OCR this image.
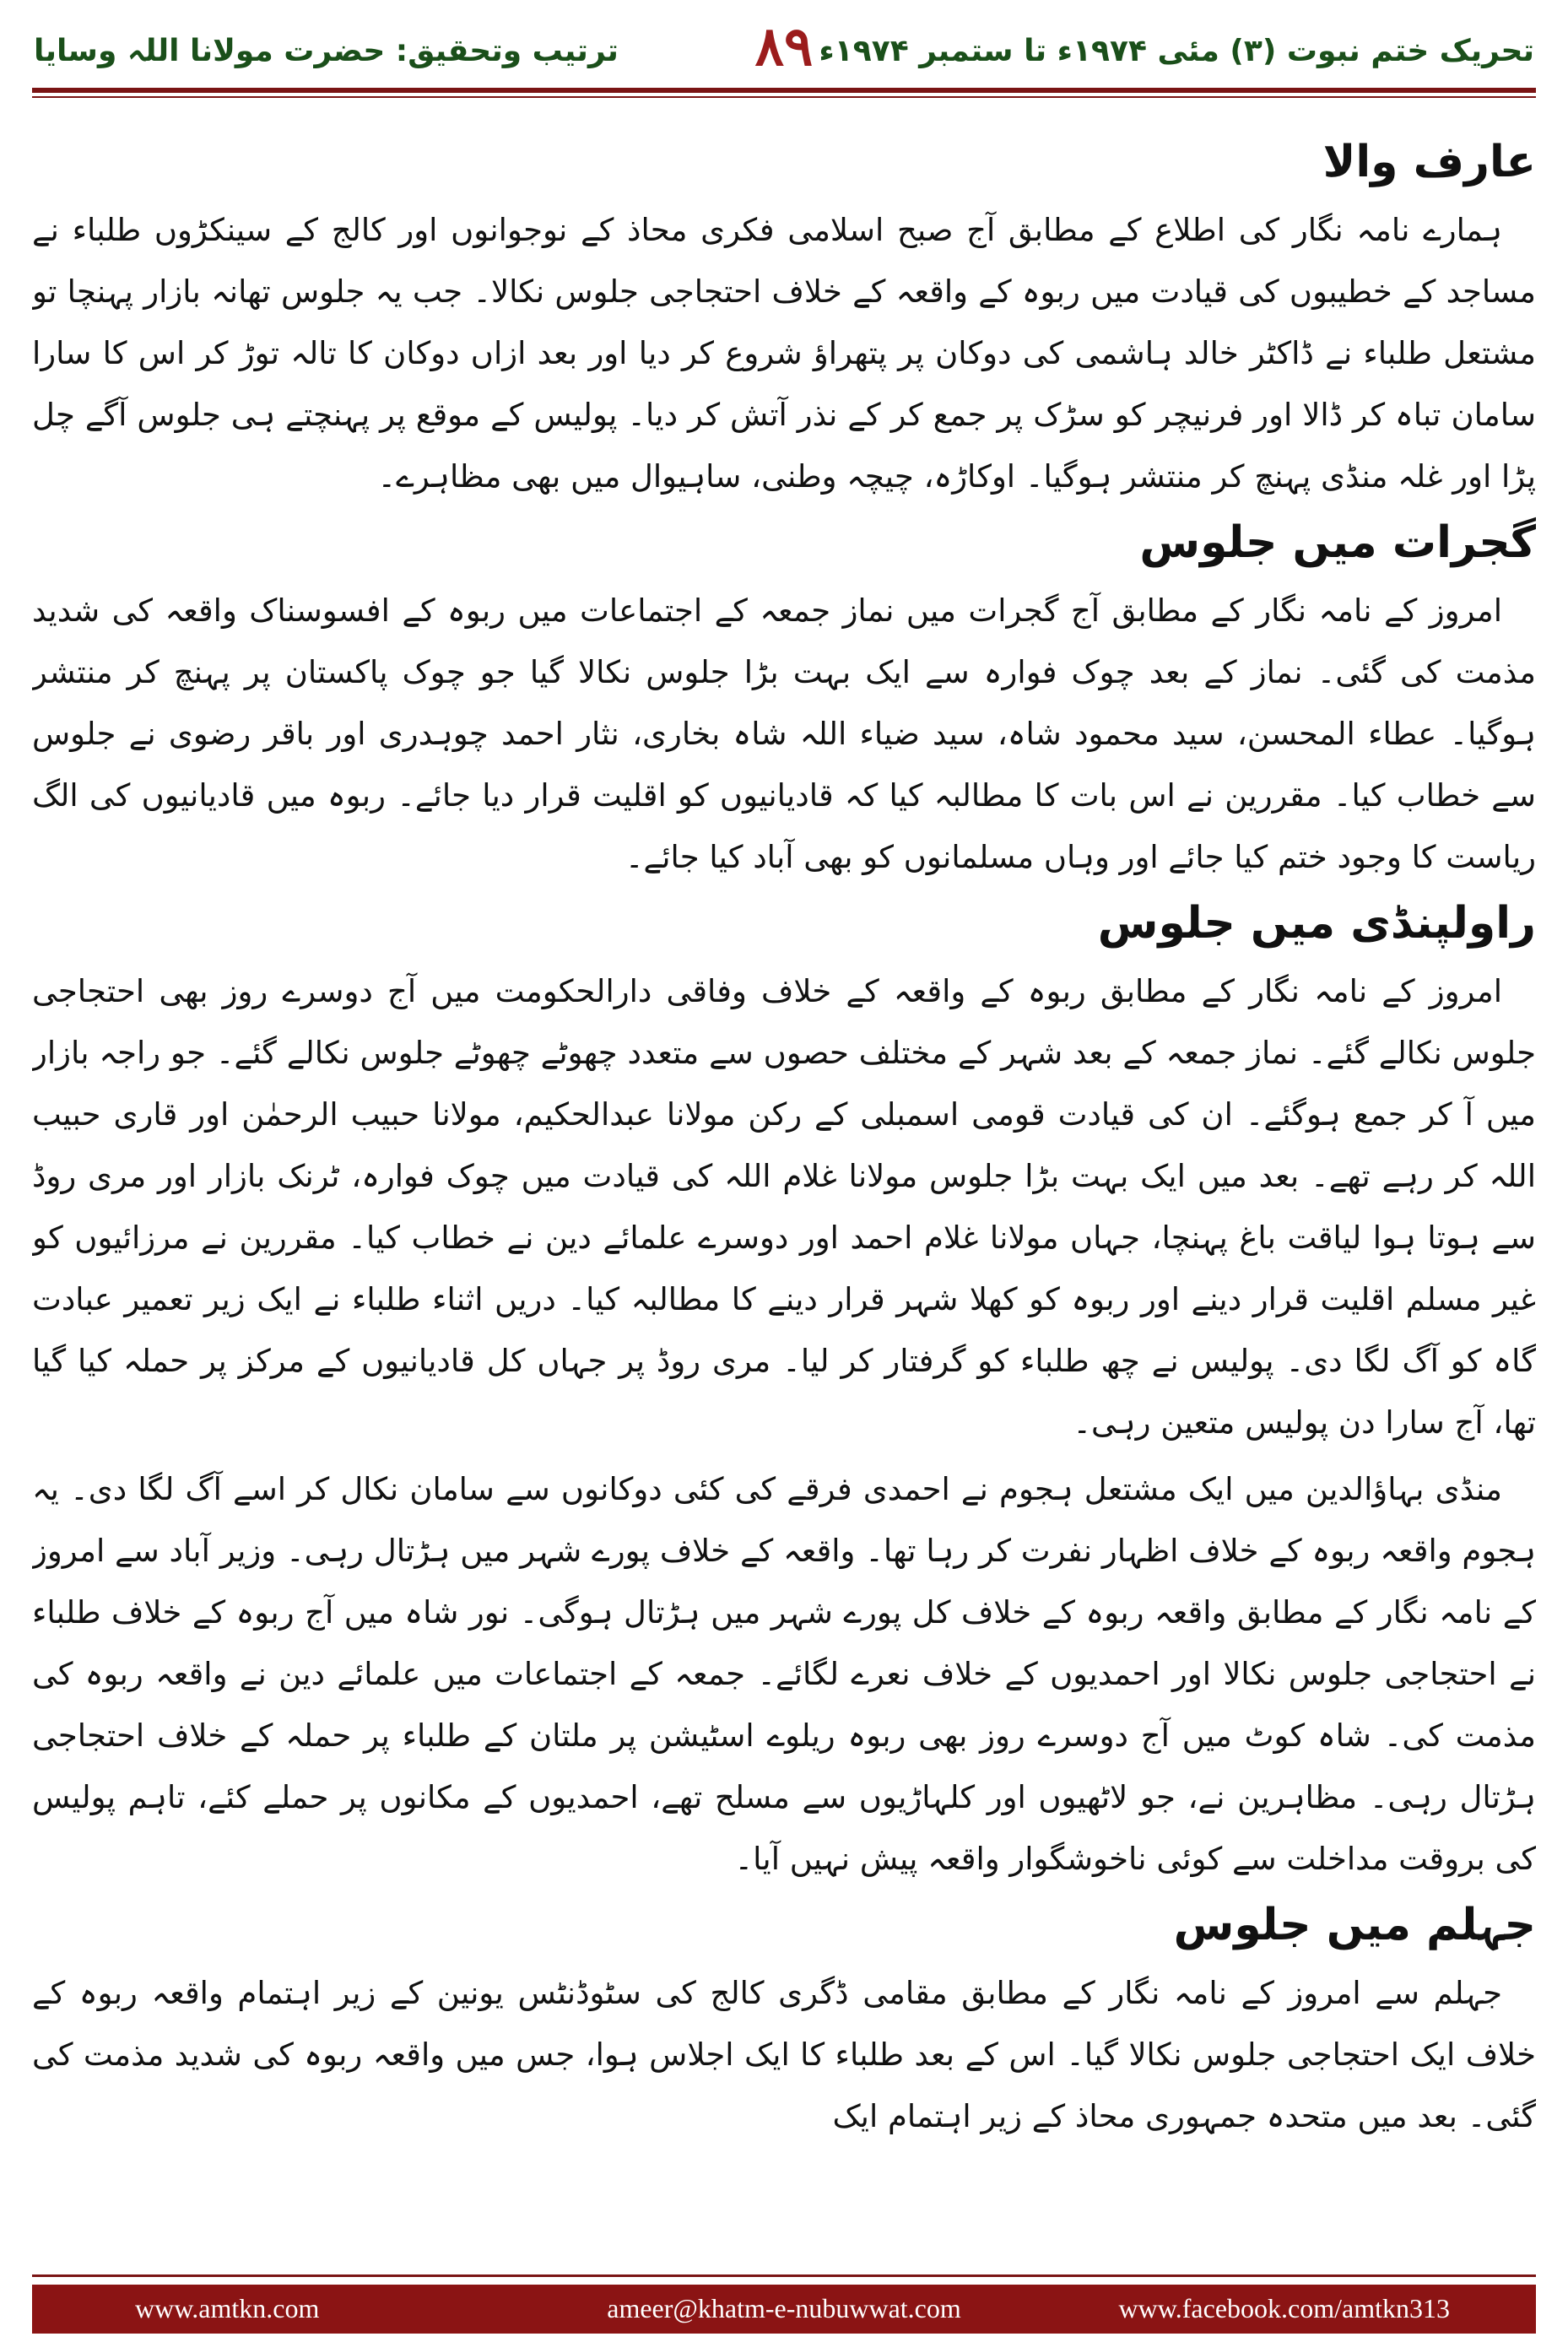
ترتیب وتحقیق: حضرت مولانا اللہ وسایا	۸۹ تحریک ختم نبوت (۳) مئی ۱۹۷۴ء تا ستمبر ۱۹۷۴ء
عارف والا

ہمارے نامہ نگار کی اطلاع کے مطابق آج صبح اسلامی فکری محاذ کے نوجوانوں اور کالج کے سینکڑوں طلباء نے مساجد کے خطیبوں کی قیادت میں ربوہ کے واقعہ کے خلاف احتجاجی جلوس نکالا۔ جب یہ جلوس تھانہ بازار پہنچا تو مشتعل طلباء نے ڈاکٹر خالد ہاشمی کی دوکان پر پتھراؤ شروع کر دیا اور بعد ازاں دوکان کا تالہ توڑ کر اس کا سارا سامان تباہ کر ڈالا اور فرنیچر کو سڑک پر جمع کر کے نذر آتش کر دیا۔ پولیس کے موقع پر پہنچتے ہی جلوس آگے چل پڑا اور غلہ منڈی پہنچ کر منتشر ہوگیا۔ اوکاڑہ، چیچہ وطنی، ساہیوال میں بھی مظاہرے۔

گجرات میں جلوس

امروز کے نامہ نگار کے مطابق آج گجرات میں نماز جمعہ کے اجتماعات میں ربوہ کے افسوسناک واقعہ کی شدید مذمت کی گئی۔ نماز کے بعد چوک فوارہ سے ایک بہت بڑا جلوس نکالا گیا جو چوک پاکستان پر پہنچ کر منتشر ہوگیا۔ عطاء المحسن، سید محمود شاہ، سید ضیاء اللہ شاہ بخاری، نثار احمد چوہدری اور باقر رضوی نے جلوس سے خطاب کیا۔ مقررین نے اس بات کا مطالبہ کیا کہ قادیانیوں کو اقلیت قرار دیا جائے۔ ربوہ میں قادیانیوں کی الگ ریاست کا وجود ختم کیا جائے اور وہاں مسلمانوں کو بھی آباد کیا جائے۔

راولپنڈی میں جلوس

امروز کے نامہ نگار کے مطابق ربوہ کے واقعہ کے خلاف وفاقی دارالحکومت میں آج دوسرے روز بھی احتجاجی جلوس نکالے گئے۔ نماز جمعہ کے بعد شہر کے مختلف حصوں سے متعدد چھوٹے چھوٹے جلوس نکالے گئے۔ جو راجہ بازار میں آ کر جمع ہوگئے۔ ان کی قیادت قومی اسمبلی کے رکن مولانا عبدالحکیم، مولانا حبیب الرحمٰن اور قاری حبیب اللہ کر رہے تھے۔ بعد میں ایک بہت بڑا جلوس مولانا غلام اللہ کی قیادت میں چوک فوارہ، ٹرنک بازار اور مری روڈ سے ہوتا ہوا لیاقت باغ پہنچا، جہاں مولانا غلام احمد اور دوسرے علمائے دین نے خطاب کیا۔ مقررین نے مرزائیوں کو غیر مسلم اقلیت قرار دینے اور ربوہ کو کھلا شہر قرار دینے کا مطالبہ کیا۔ دریں اثناء طلباء نے ایک زیر تعمیر عبادت گاہ کو آگ لگا دی۔ پولیس نے چھ طلباء کو گرفتار کر لیا۔ مری روڈ پر جہاں کل قادیانیوں کے مرکز پر حملہ کیا گیا تھا، آج سارا دن پولیس متعین رہی۔

منڈی بہاؤالدین میں ایک مشتعل ہجوم نے احمدی فرقے کی کئی دوکانوں سے سامان نکال کر اسے آگ لگا دی۔ یہ ہجوم واقعہ ربوہ کے خلاف اظہار نفرت کر رہا تھا۔ واقعہ کے خلاف پورے شہر میں ہڑتال رہی۔ وزیر آباد سے امروز کے نامہ نگار کے مطابق واقعہ ربوہ کے خلاف کل پورے شہر میں ہڑتال ہوگی۔ نور شاہ میں آج ربوہ کے خلاف طلباء نے احتجاجی جلوس نکالا اور احمدیوں کے خلاف نعرے لگائے۔ جمعہ کے اجتماعات میں علمائے دین نے واقعہ ربوہ کی مذمت کی۔ شاہ کوٹ میں آج دوسرے روز بھی ربوہ ریلوے اسٹیشن پر ملتان کے طلباء پر حملہ کے خلاف احتجاجی ہڑتال رہی۔ مظاہرین نے، جو لاٹھیوں اور کلہاڑیوں سے مسلح تھے، احمدیوں کے مکانوں پر حملے کئے، تاہم پولیس کی بروقت مداخلت سے کوئی ناخوشگوار واقعہ پیش نہیں آیا۔

جہلم میں جلوس

جہلم سے امروز کے نامہ نگار کے مطابق مقامی ڈگری کالج کی سٹوڈنٹس یونین کے زیر اہتمام واقعہ ربوہ کے خلاف ایک احتجاجی جلوس نکالا گیا۔ اس کے بعد طلباء کا ایک اجلاس ہوا، جس میں واقعہ ربوہ کی شدید مذمت کی گئی۔ بعد میں متحدہ جمہوری محاذ کے زیر اہتمام ایک

www.amtkn.com	ameer@khatm-e-nubuwwat.com	www.facebook.com/amtkn313
